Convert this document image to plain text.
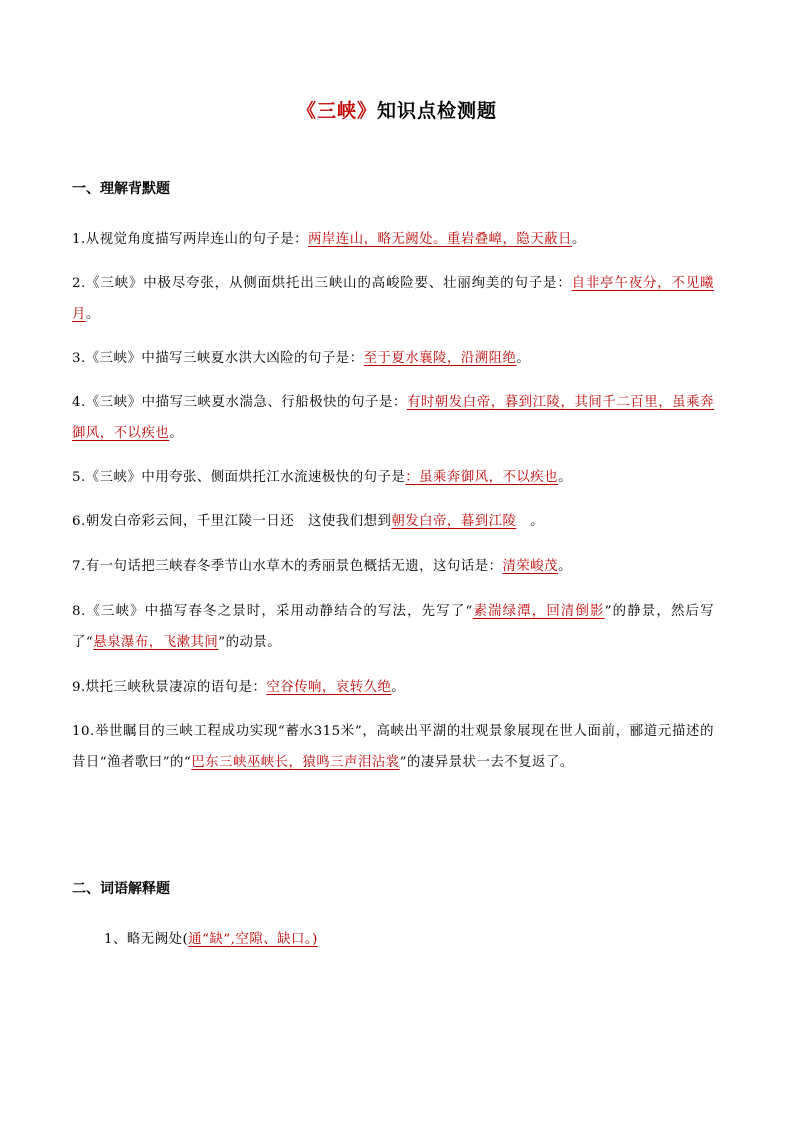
《三峡》知识点检测题
一、理解背默题
1.从视觉角度描写两岸连山的句子是：两岸连山，略无阙处。重岩叠嶂，隐天蔽日。
2.《三峡》中极尽夸张，从侧面烘托出三峡山的高峻险要、壮丽绚美的句子是：自非亭午夜分，不见曦月。
3.《三峡》中描写三峡夏水洪大凶险的句子是：至于夏水襄陵，沿溯阻绝。
4.《三峡》中描写三峡夏水湍急、行船极快的句子是：有时朝发白帝，暮到江陵，其间千二百里，虽乘奔御风，不以疾也。
5.《三峡》中用夸张、侧面烘托江水流速极快的句子是：虽乘奔御风，不以疾也。
6.朝发白帝彩云间，千里江陵一日还　这使我们想到朝发白帝，暮到江陵　。
7.有一句话把三峡春冬季节山水草木的秀丽景色概括无遗，这句话是：清荣峻茂。
8.《三峡》中描写春冬之景时，采用动静结合的写法，先写了“素湍绿潭，回清倒影”的静景，然后写了“悬泉瀑布，飞漱其间”的动景。
9.烘托三峡秋景凄凉的语句是：空谷传响，哀转久绝。
10.举世瞩目的三峡工程成功实现“蓄水315米”，高峡出平湖的壮观景象展现在世人面前，郦道元描述的昔日“渔者歌曰”的“巴东三峡巫峡长，猿鸣三声泪沾裳”的凄异景状一去不复返了。
二、词语解释题
1、略无阙处(通“缺”,空隙、缺口。)
